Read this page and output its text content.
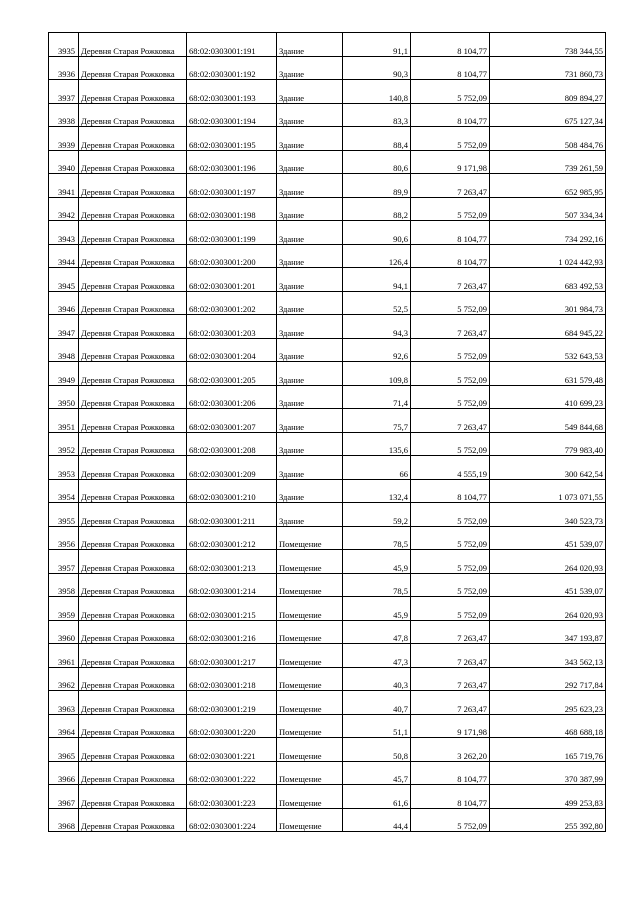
3935	Деревня Старая Рожковка	68:02:0303001:191	Здание	91,1	8 104,77	738 344,55
3936	Деревня Старая Рожковка	68:02:0303001:192	Здание	90,3	8 104,77	731 860,73
3937	Деревня Старая Рожковка	68:02:0303001:193	Здание	140,8	5 752,09	809 894,27
3938	Деревня Старая Рожковка	68:02:0303001:194	Здание	83,3	8 104,77	675 127,34
3939	Деревня Старая Рожковка	68:02:0303001:195	Здание	88,4	5 752,09	508 484,76
3940	Деревня Старая Рожковка	68:02:0303001:196	Здание	80,6	9 171,98	739 261,59
3941	Деревня Старая Рожковка	68:02:0303001:197	Здание	89,9	7 263,47	652 985,95
3942	Деревня Старая Рожковка	68:02:0303001:198	Здание	88,2	5 752,09	507 334,34
3943	Деревня Старая Рожковка	68:02:0303001:199	Здание	90,6	8 104,77	734 292,16
3944	Деревня Старая Рожковка	68:02:0303001:200	Здание	126,4	8 104,77	1 024 442,93
3945	Деревня Старая Рожковка	68:02:0303001:201	Здание	94,1	7 263,47	683 492,53
3946	Деревня Старая Рожковка	68:02:0303001:202	Здание	52,5	5 752,09	301 984,73
3947	Деревня Старая Рожковка	68:02:0303001:203	Здание	94,3	7 263,47	684 945,22
3948	Деревня Старая Рожковка	68:02:0303001:204	Здание	92,6	5 752,09	532 643,53
3949	Деревня Старая Рожковка	68:02:0303001:205	Здание	109,8	5 752,09	631 579,48
3950	Деревня Старая Рожковка	68:02:0303001:206	Здание	71,4	5 752,09	410 699,23
3951	Деревня Старая Рожковка	68:02:0303001:207	Здание	75,7	7 263,47	549 844,68
3952	Деревня Старая Рожковка	68:02:0303001:208	Здание	135,6	5 752,09	779 983,40
3953	Деревня Старая Рожковка	68:02:0303001:209	Здание	66	4 555,19	300 642,54
3954	Деревня Старая Рожковка	68:02:0303001:210	Здание	132,4	8 104,77	1 073 071,55
3955	Деревня Старая Рожковка	68:02:0303001:211	Здание	59,2	5 752,09	340 523,73
3956	Деревня Старая Рожковка	68:02:0303001:212	Помещение	78,5	5 752,09	451 539,07
3957	Деревня Старая Рожковка	68:02:0303001:213	Помещение	45,9	5 752,09	264 020,93
3958	Деревня Старая Рожковка	68:02:0303001:214	Помещение	78,5	5 752,09	451 539,07
3959	Деревня Старая Рожковка	68:02:0303001:215	Помещение	45,9	5 752,09	264 020,93
3960	Деревня Старая Рожковка	68:02:0303001:216	Помещение	47,8	7 263,47	347 193,87
3961	Деревня Старая Рожковка	68:02:0303001:217	Помещение	47,3	7 263,47	343 562,13
3962	Деревня Старая Рожковка	68:02:0303001:218	Помещение	40,3	7 263,47	292 717,84
3963	Деревня Старая Рожковка	68:02:0303001:219	Помещение	40,7	7 263,47	295 623,23
3964	Деревня Старая Рожковка	68:02:0303001:220	Помещение	51,1	9 171,98	468 688,18
3965	Деревня Старая Рожковка	68:02:0303001:221	Помещение	50,8	3 262,20	165 719,76
3966	Деревня Старая Рожковка	68:02:0303001:222	Помещение	45,7	8 104,77	370 387,99
3967	Деревня Старая Рожковка	68:02:0303001:223	Помещение	61,6	8 104,77	499 253,83
3968	Деревня Старая Рожковка	68:02:0303001:224	Помещение	44,4	5 752,09	255 392,80
